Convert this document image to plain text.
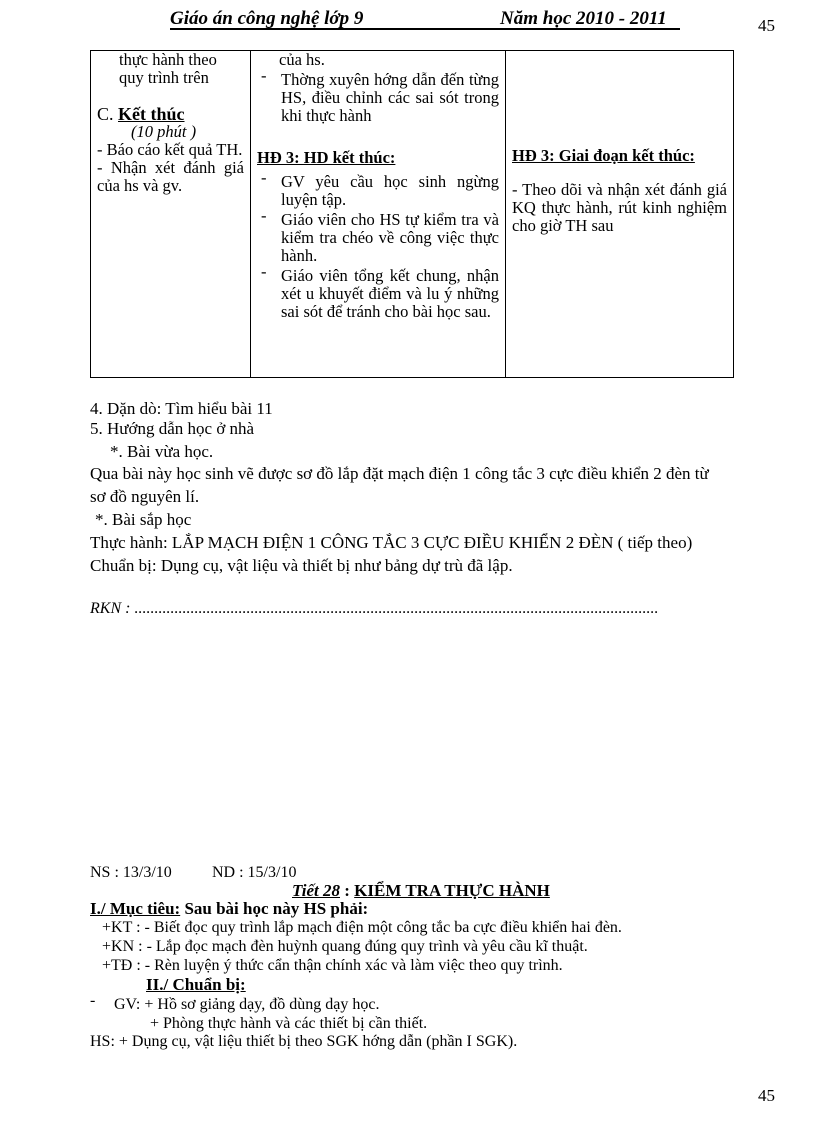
Giáo án công nghệ lớp 9	Năm học 2010 - 2011	45
thực hành theo
quy trình trên
C. Kết thúc
(10 phút )
- Báo cáo kết quả TH.
- Nhận xét đánh giá của hs và gv.

của hs.
- Thờng xuyên hớng dẫn đến từng HS, điều chỉnh các sai sót trong khi thực hành
HĐ 3: HD kết thúc:
- GV yêu cầu học sinh ngừng luyện tập.
- Giáo viên cho HS tự kiểm tra và kiểm tra chéo về công việc thực hành.
- Giáo viên tổng kết chung, nhận xét u khuyết điểm và lu ý những sai sót để tránh cho bài học sau.

HĐ 3: Giai đoạn kết thúc:
- Theo dõi và nhận xét đánh giá KQ thực hành, rút kinh nghiệm cho giờ TH sau
4. Dặn dò: Tìm hiểu bài 11
5. Hướng dẫn học ở nhà
*. Bài vừa học.
Qua bài này học sinh vẽ được sơ đồ lắp đặt mạch điện 1 công tắc 3 cực điều khiển 2 đèn từ
sơ đồ nguyên lí.
*. Bài sắp học
Thực hành: LẮP MẠCH ĐIỆN 1 CÔNG TẮC 3 CỰC ĐIỀU KHIỂN 2 ĐÈN ( tiếp theo)
Chuẩn bị: Dụng cụ, vật liệu và thiết bị như bảng dự trù đã lập.
RKN : ...................................................................................................................................
NS : 13/3/10	ND : 15/3/10
Tiết 28 : KIỂM TRA THỰC HÀNH
I./ Mục tiêu: Sau bài học này HS phải:
+KT : - Biết đọc quy trình lắp mạch điện một công tắc ba cực điều khiển hai đèn.
+KN : - Lắp đọc mạch đèn huỳnh quang đúng quy trình và yêu cầu kĩ thuật.
+TĐ : - Rèn luyện ý thức cẩn thận chính xác và làm việc theo quy trình.
II./ Chuẩn bị:
- GV: + Hồ sơ giảng dạy, đồ dùng dạy học.
+ Phòng thực hành và các thiết bị cần thiết.
HS: + Dụng cụ, vật liệu thiết bị theo SGK hớng dẫn (phần I SGK).
45
